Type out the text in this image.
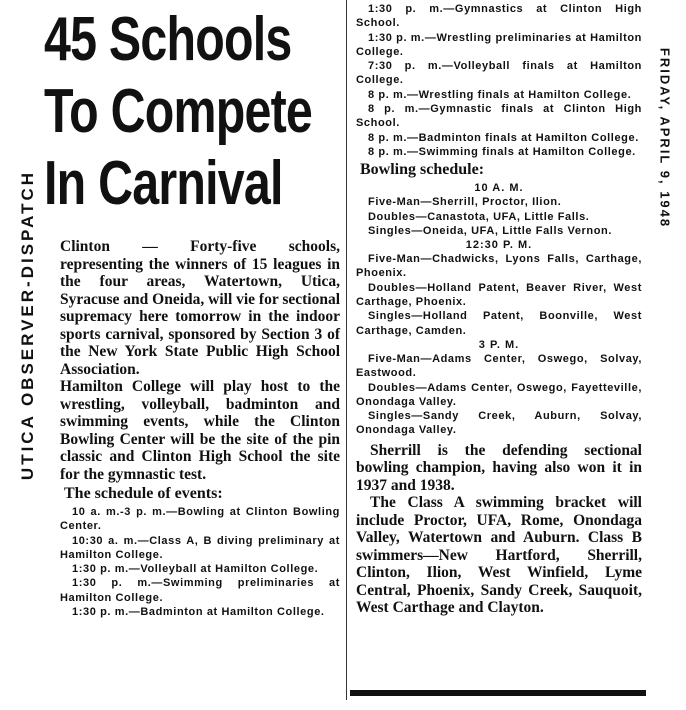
UTICA OBSERVER-DISPATCH
FRIDAY, APRIL 9, 1948
45 Schools
To Compete
In Carnival

Clinton — Forty-five schools, representing the winners of 15 leagues in the four areas, Watertown, Utica, Syracuse and Oneida, will vie for sectional supremacy here tomorrow in the indoor sports carnival, sponsored by Section 3 of the New York State Public High School Association.

Hamilton College will play host to the wrestling, volleyball, badminton and swimming events, while the Clinton Bowling Center will be the site of the pin classic and Clinton High School the site for the gymnastic test.

The schedule of events:

10 a. m.-3 p. m.—Bowling at Clinton Bowling Center.

10:30 a. m.—Class A, B diving preliminary at Hamilton College.

1:30 p. m.—Volleyball at Hamilton College.

1:30 p. m.—Swimming preliminaries at Hamilton College.

1:30 p. m.—Badminton at Hamilton College.

1:30 p. m.—Gymnastics at Clinton High School.

1:30 p. m.—Wrestling preliminaries at Hamilton College.

7:30 p. m.—Volleyball finals at Hamilton College.

8 p. m.—Wrestling finals at Hamilton College.

8 p. m.—Gymnastic finals at Clinton High School.

8 p. m.—Badminton finals at Hamilton College.

8 p. m.—Swimming finals at Hamilton College.

Bowling schedule:
10 A. M.

Five-Man—Sherrill, Proctor, Ilion.

Doubles—Canastota, UFA, Little Falls.

Singles—Oneida, UFA, Little Falls Vernon.

12:30 P. M.

Five-Man—Chadwicks, Lyons Falls, Carthage, Phoenix.

Doubles—Holland Patent, Beaver River, West Carthage, Phoenix.

Singles—Holland Patent, Boonville, West Carthage, Camden.

3 P. M.

Five-Man—Adams Center, Oswego, Solvay, Eastwood.

Doubles—Adams Center, Oswego, Fayetteville, Onondaga Valley.

Singles—Sandy Creek, Auburn, Solvay, Onondaga Valley.

Sherrill is the defending sectional bowling champion, having also won it in 1937 and 1938.

The Class A swimming bracket will include Proctor, UFA, Rome, Onondaga Valley, Watertown and Auburn. Class B swimmers—New Hartford, Sherrill, Clinton, Ilion, West Winfield, Lyme Central, Phoenix, Sandy Creek, Sauquoit, West Carthage and Clayton.
